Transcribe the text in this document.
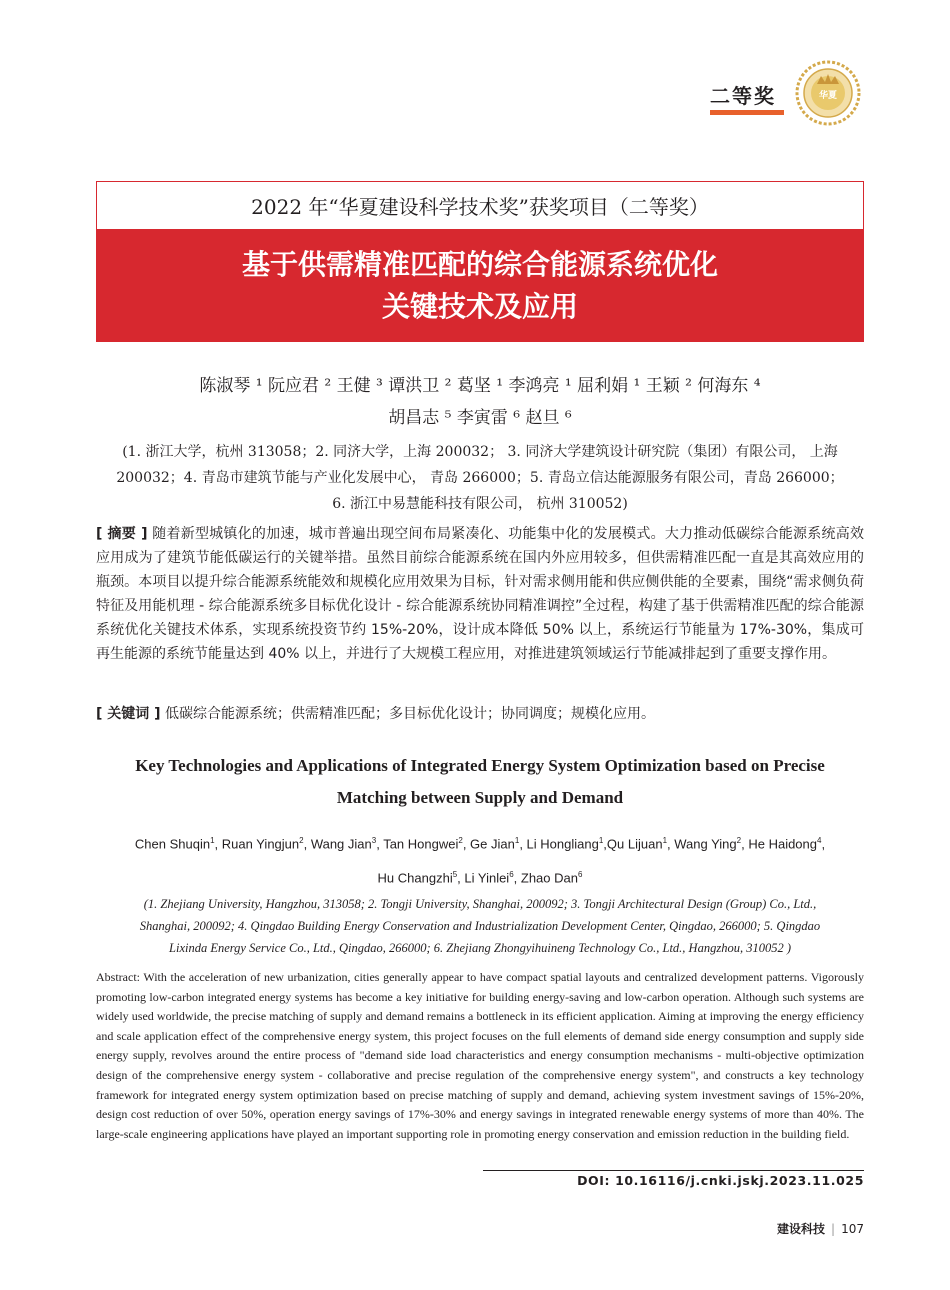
二等奖	华夏
2022 年“华夏建设科学技术奖”获奖项目（二等奖）
基于供需精准匹配的综合能源系统优化
关键技术及应用
陈淑琴 ¹ 阮应君 ² 王健 ³ 谭洪卫 ² 葛坚 ¹ 李鸿亮 ¹ 屈利娟 ¹ 王颖 ² 何海东 ⁴
胡昌志 ⁵ 李寅雷 ⁶ 赵旦 ⁶
(1. 浙江大学，杭州 313058；2. 同济大学，上海 200032； 3. 同济大学建筑设计研究院（集团）有限公司， 上海
200032；4. 青岛市建筑节能与产业化发展中心， 青岛 266000；5. 青岛立信达能源服务有限公司，青岛 266000；
6. 浙江中易慧能科技有限公司， 杭州 310052)
[ 摘要 ] 随着新型城镇化的加速，城市普遍出现空间布局紧凑化、功能集中化的发展模式。大力推动低碳综合能源系统高效应用成为了建筑节能低碳运行的关键举措。虽然目前综合能源系统在国内外应用较多，但供需精准匹配一直是其高效应用的瓶颈。本项目以提升综合能源系统能效和规模化应用效果为目标，针对需求侧用能和供应侧供能的全要素，围绕“需求侧负荷特征及用能机理 - 综合能源系统多目标优化设计 - 综合能源系统协同精准调控”全过程，构建了基于供需精准匹配的综合能源系统优化关键技术体系，实现系统投资节约 15%-20%，设计成本降低 50% 以上，系统运行节能量为 17%-30%，集成可再生能源的系统节能量达到 40% 以上，并进行了大规模工程应用，对推进建筑领域运行节能减排起到了重要支撑作用。
[ 关键词 ] 低碳综合能源系统；供需精准匹配；多目标优化设计；协同调度；规模化应用。
Key Technologies and Applications of Integrated Energy System Optimization based on Precise
Matching between Supply and Demand
Chen Shuqin$^1$, Ruan Yingjun$^2$, Wang Jian$^3$, Tan Hongwei$^2$, Ge Jian$^1$, Li Hongliang$^1$,Qu Lijuan$^1$, Wang Ying$^2$, He Haidong$^4$,
Hu Changzhi$^5$, Li Yinlei$^6$, Zhao Dan$^6$
(1. Zhejiang University, Hangzhou, 313058; 2. Tongji University, Shanghai, 200092; 3. Tongji Architectural Design (Group) Co., Ltd.,
Shanghai, 200092; 4. Qingdao Building Energy Conservation and Industrialization Development Center, Qingdao, 266000; 5. Qingdao
Lixinda Energy Service Co., Ltd., Qingdao, 266000; 6. Zhejiang Zhongyihuineng Technology Co., Ltd., Hangzhou, 310052 )
Abstract: With the acceleration of new urbanization, cities generally appear to have compact spatial layouts and centralized development patterns. Vigorously promoting low-carbon integrated energy systems has become a key initiative for building energy-saving and low-carbon operation. Although such systems are widely used worldwide, the precise matching of supply and demand remains a bottleneck in its efficient application. Aiming at improving the energy efficiency and scale application effect of the comprehensive energy system, this project focuses on the full elements of demand side energy consumption and supply side energy supply, revolves around the entire process of "demand side load characteristics and energy consumption mechanisms - multi-objective optimization design of the comprehensive energy system - collaborative and precise regulation of the comprehensive energy system", and constructs a key technology framework for integrated energy system optimization based on precise matching of supply and demand, achieving system investment savings of 15%-20%, design cost reduction of over 50%, operation energy savings of 17%-30% and energy savings in integrated renewable energy systems of more than 40%. The large-scale engineering applications have played an important supporting role in promoting energy conservation and emission reduction in the building field.
DOI: 10.16116/j.cnki.jskj.2023.11.025
建设科技 | 107
